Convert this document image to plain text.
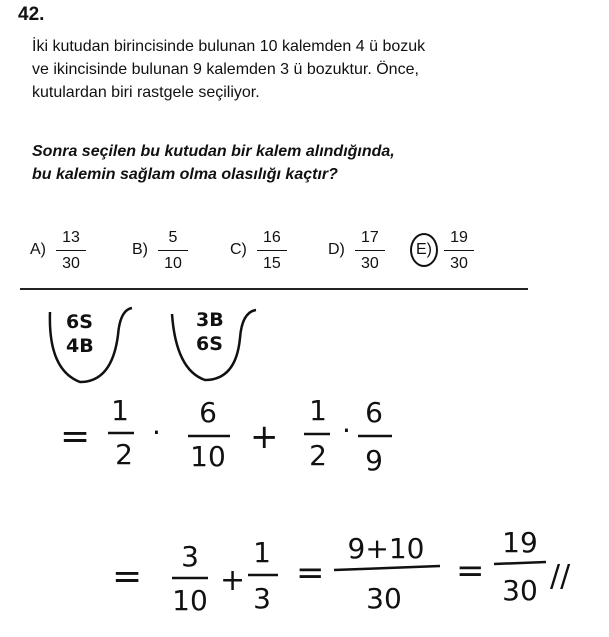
42.
İki kutudan birincisinde bulunan 10 kalemden 4 ü bozuk
ve ikincisinde bulunan 9 kalemden 3 ü bozuktur. Önce,
kutulardan biri rastgele seçiliyor.
Sonra seçilen bu kutudan bir kalem alındığında,
bu kalemin sağlam olma olasılığı kaçtır?
$A) \frac{13}{30}$	$B) \frac{5}{10}$	$C) \frac{16}{15}$	$D) \frac{17}{30}$	$E) \frac{19}{30}$
6S
4B
3B
6S
=
1
2
·
6
10 +
1
2
·
6
9
= 3
10
+
1
3
=
9+10
30
=
19
30 //
